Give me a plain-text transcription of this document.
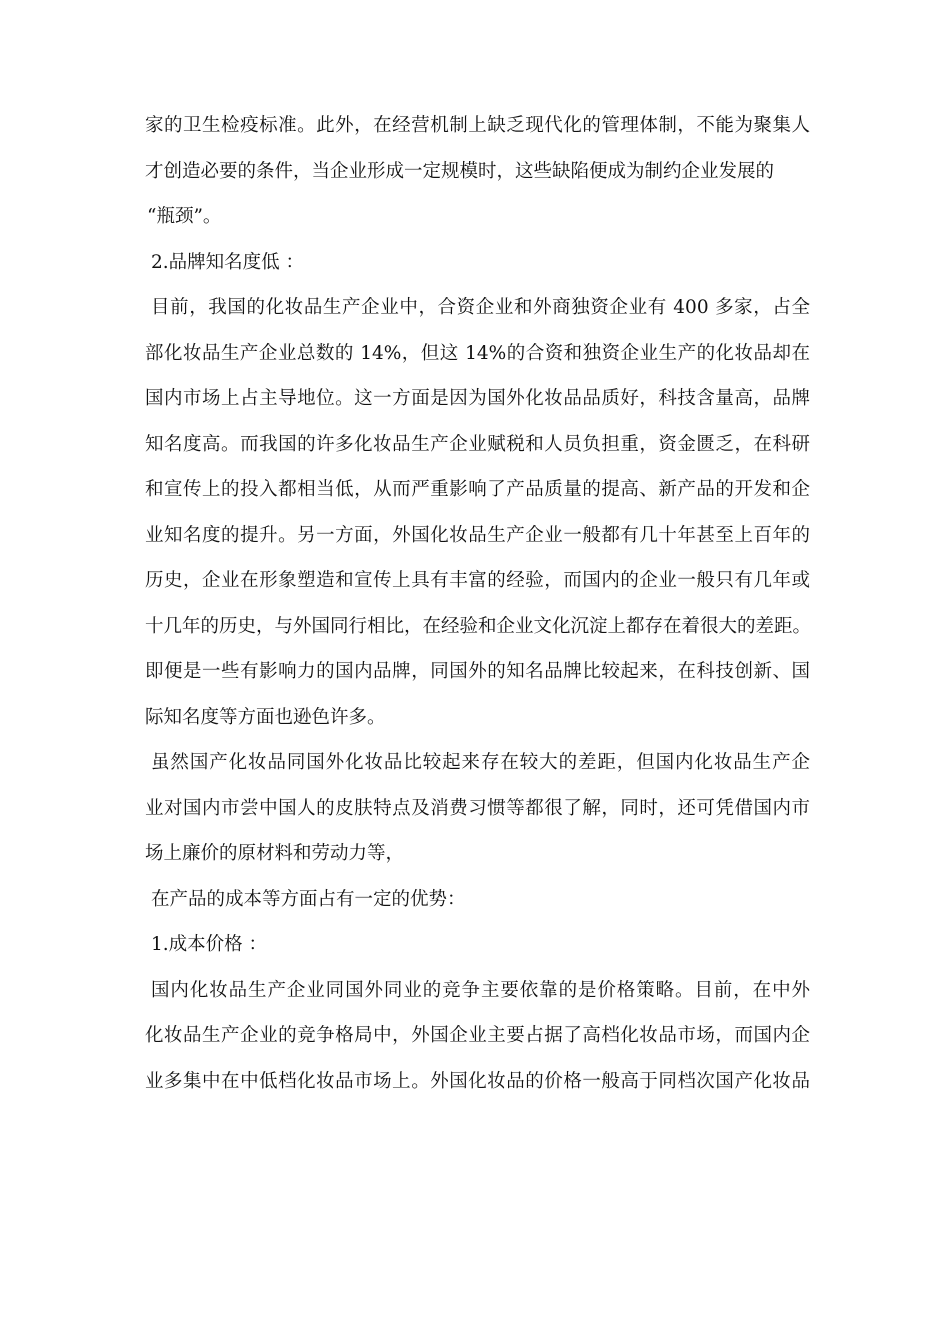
家的卫生检疫标准。此外，在经营机制上缺乏现代化的管理体制，不能为聚集人
才创造必要的条件，当企业形成一定规模时，这些缺陷便成为制约企业发展的
“瓶颈”。
2.品牌知名度低 ：
目前，我国的化妆品生产企业中，合资企业和外商独资企业有 400 多家，占全
部化妆品生产企业总数的 14%，但这 14%的合资和独资企业生产的化妆品却在
国内市场上占主导地位。这一方面是因为国外化妆品品质好，科技含量高，品牌
知名度高。而我国的许多化妆品生产企业赋税和人员负担重，资金匮乏，在科研
和宣传上的投入都相当低，从而严重影响了产品质量的提高、新产品的开发和企
业知名度的提升。另一方面，外国化妆品生产企业一般都有几十年甚至上百年的
历史，企业在形象塑造和宣传上具有丰富的经验，而国内的企业一般只有几年或
十几年的历史，与外国同行相比，在经验和企业文化沉淀上都存在着很大的差距。
即便是一些有影响力的国内品牌，同国外的知名品牌比较起来，在科技创新、国
际知名度等方面也逊色许多。
虽然国产化妆品同国外化妆品比较起来存在较大的差距，但国内化妆品生产企
业对国内市尝中国人的皮肤特点及消费习惯等都很了解，同时，还可凭借国内市
场上廉价的原材料和劳动力等，
在产品的成本等方面占有一定的优势：
1.成本价格 ：
国内化妆品生产企业同国外同业的竞争主要依靠的是价格策略。目前，在中外
化妆品生产企业的竞争格局中，外国企业主要占据了高档化妆品市场，而国内企
业多集中在中低档化妆品市场上。外国化妆品的价格一般高于同档次国产化妆品
